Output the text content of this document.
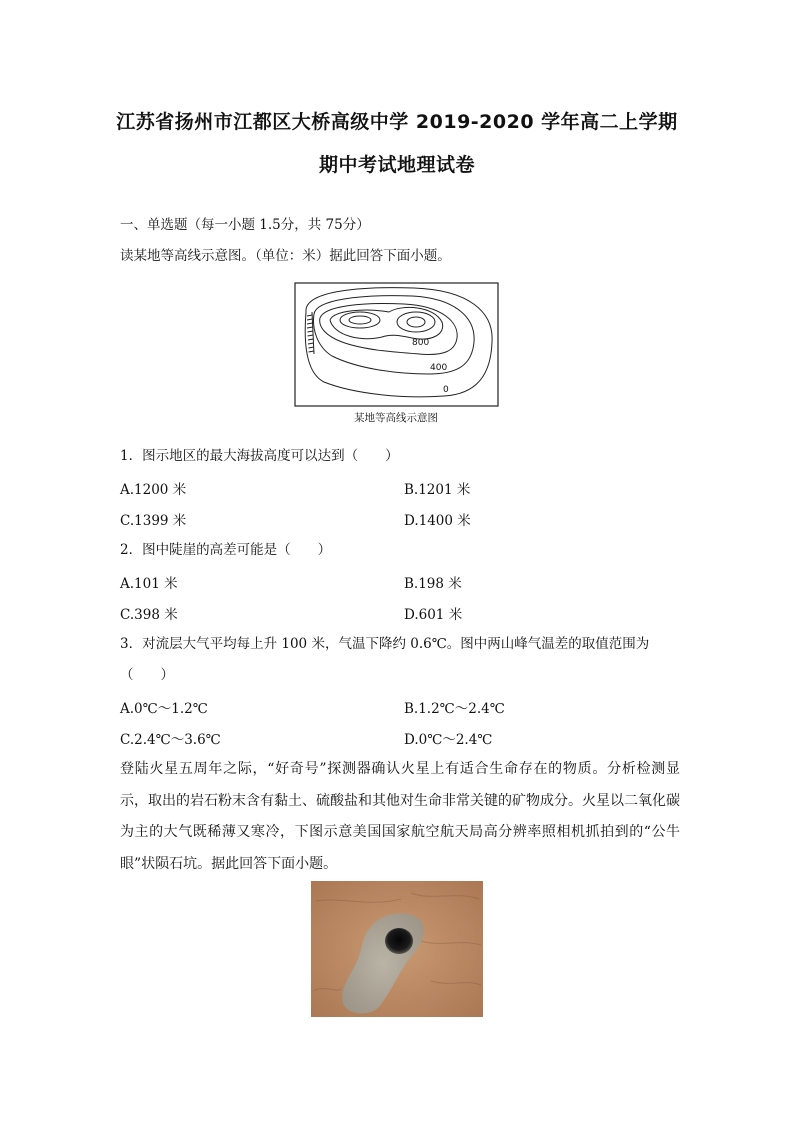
江苏省扬州市江都区大桥高级中学 2019-2020 学年高二上学期
期中考试地理试卷
一、单选题（每一小题 1.5分，共 75分）
读某地等高线示意图。（单位：米）据此回答下面小题。
800
400
0
某地等高线示意图
1．图示地区的最大海拔高度可以达到（　　）
A.1200 米	B.1201 米
C.1399 米	D.1400 米
2．图中陡崖的高差可能是（　　）
A.101 米	B.198 米
C.398 米	D.601 米
3．对流层大气平均每上升 100 米，气温下降约 0.6℃。图中两山峰气温差的取值范围为
（　　）
A.0℃～1.2℃	B.1.2℃～2.4℃
C.2.4℃～3.6℃	D.0℃～2.4℃
登陆火星五周年之际，“好奇号”探测器确认火星上有适合生命存在的物质。分析检测显示，取出的岩石粉末含有黏土、硫酸盐和其他对生命非常关键的矿物成分。火星以二氧化碳为主的大气既稀薄又寒冷，下图示意美国国家航空航天局高分辨率照相机抓拍到的“公牛眼”状陨石坑。据此回答下面小题。
